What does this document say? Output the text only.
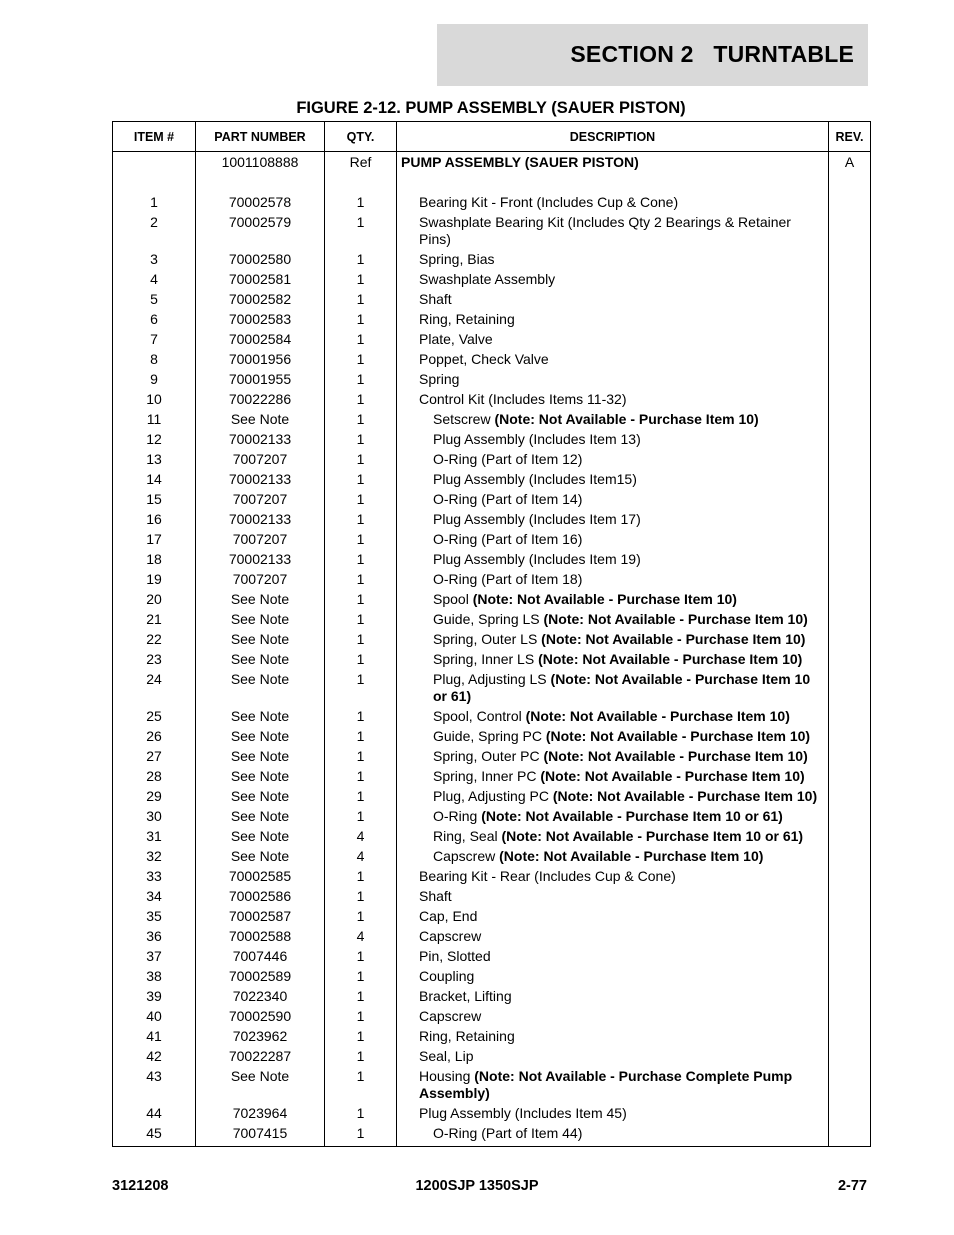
SECTION 2   TURNTABLE
FIGURE 2-12. PUMP ASSEMBLY (SAUER PISTON)
ITEM #	PART NUMBER	QTY.	DESCRIPTION	REV.
	1001108888	Ref	PUMP ASSEMBLY (SAUER PISTON)	A

1	70002578	1	Bearing Kit - Front (Includes Cup & Cone)	

2	70002579	1	Swashplate Bearing Kit (Includes Qty 2 Bearings & Retainer Pins)	

3	70002580	1	Spring, Bias	

4	70002581	1	Swashplate Assembly	

5	70002582	1	Shaft	

6	70002583	1	Ring, Retaining	

7	70002584	1	Plate, Valve	

8	70001956	1	Poppet, Check Valve	

9	70001955	1	Spring	

10	70022286	1	Control Kit (Includes Items 11-32)	

11	See Note	1	Setscrew (Note: Not Available - Purchase Item 10)	

12	70002133	1	Plug Assembly (Includes Item 13)	

13	7007207	1	O-Ring (Part of Item 12)	

14	70002133	1	Plug Assembly (Includes Item15)	

15	7007207	1	O-Ring (Part of Item 14)	

16	70002133	1	Plug Assembly (Includes Item 17)	

17	7007207	1	O-Ring (Part of Item 16)	

18	70002133	1	Plug Assembly (Includes Item 19)	

19	7007207	1	O-Ring (Part of Item 18)	

20	See Note	1	Spool (Note: Not Available - Purchase Item 10)	

21	See Note	1	Guide, Spring LS (Note: Not Available - Purchase Item 10)	

22	See Note	1	Spring, Outer LS (Note: Not Available - Purchase Item 10)	

23	See Note	1	Spring, Inner LS (Note: Not Available - Purchase Item 10)	

24	See Note	1	Plug, Adjusting LS (Note: Not Available - Purchase Item 10 or 61)	

25	See Note	1	Spool, Control (Note: Not Available - Purchase Item 10)	

26	See Note	1	Guide, Spring PC (Note: Not Available - Purchase Item 10)	

27	See Note	1	Spring, Outer PC (Note: Not Available - Purchase Item 10)	

28	See Note	1	Spring, Inner PC (Note: Not Available - Purchase Item 10)	

29	See Note	1	Plug, Adjusting PC (Note: Not Available - Purchase Item 10)	

30	See Note	1	O-Ring (Note: Not Available - Purchase Item 10 or 61)	

31	See Note	4	Ring, Seal (Note: Not Available - Purchase Item 10 or 61)	

32	See Note	4	Capscrew (Note: Not Available - Purchase Item 10)	

33	70002585	1	Bearing Kit - Rear (Includes Cup & Cone)	

34	70002586	1	Shaft	

35	70002587	1	Cap, End	

36	70002588	4	Capscrew	

37	7007446	1	Pin, Slotted	

38	70002589	1	Coupling	

39	7022340	1	Bracket, Lifting	

40	70002590	1	Capscrew	

41	7023962	1	Ring, Retaining	

42	70022287	1	Seal, Lip	

43	See Note	1	Housing (Note: Not Available - Purchase Complete Pump Assembly)	

44	7023964	1	Plug Assembly (Includes Item 45)	

45	7007415	1	O-Ring (Part of Item 44)	

3121208	1200SJP 1350SJP	2-77
